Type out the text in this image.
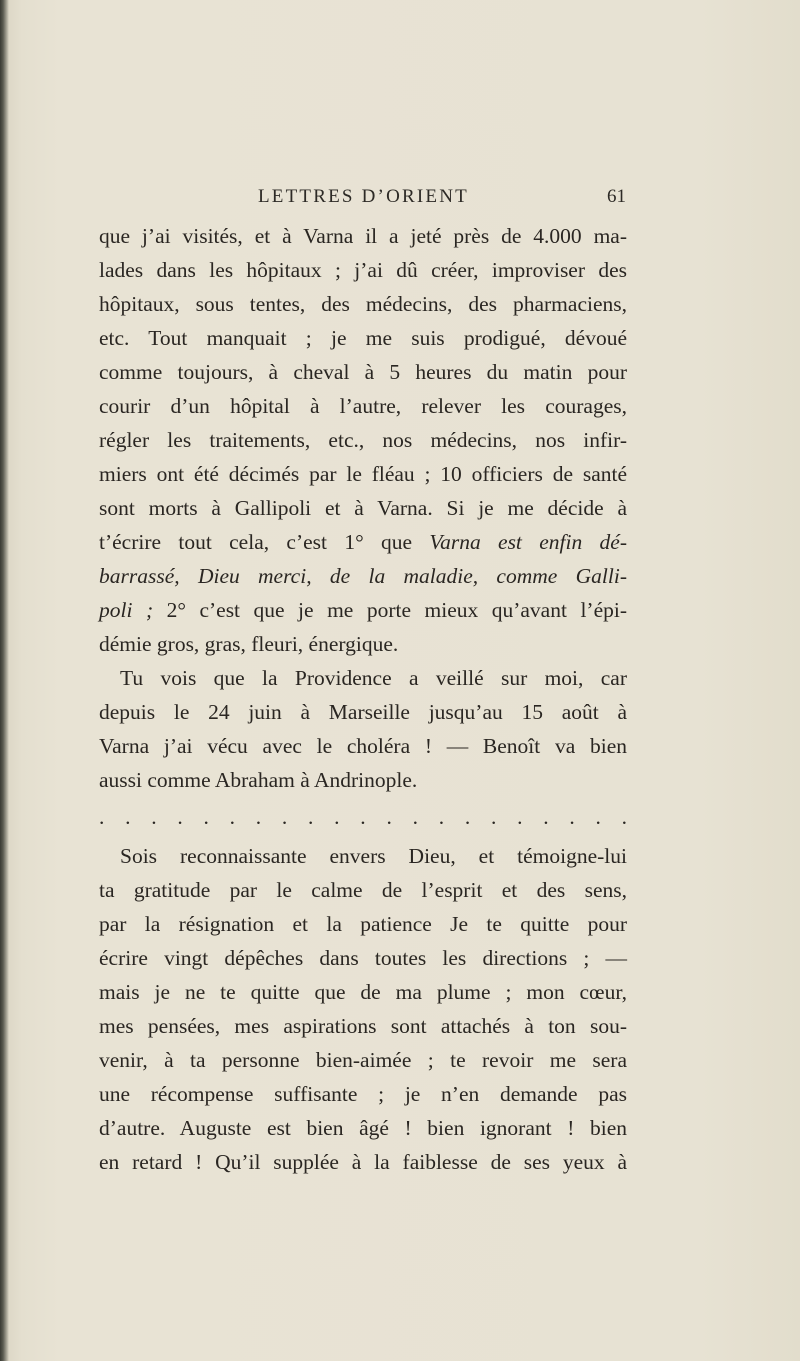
LETTRES D’ORIENT	61
que j’ai visités, et à Varna il a jeté près de 4.000 ma-
lades dans les hôpitaux ; j’ai dû créer, improviser des
hôpitaux, sous tentes, des médecins, des pharmaciens,
etc. Tout manquait ; je me suis prodigué, dévoué
comme toujours, à cheval à 5 heures du matin pour
courir d’un hôpital à l’autre, relever les courages,
régler les traitements, etc., nos médecins, nos infir-
miers ont été décimés par le fléau ; 10 officiers de santé
sont morts à Gallipoli et à Varna. Si je me décide à
t’écrire tout cela, c’est 1° que Varna est enfin dé-
barrassé, Dieu merci, de la maladie, comme Galli-
poli ; 2° c’est que je me porte mieux qu’avant l’épi-
démie gros, gras, fleuri, énergique.
Tu vois que la Providence a veillé sur moi, car
depuis le 24 juin à Marseille jusqu’au 15 août à
Varna j’ai vécu avec le choléra ! — Benoît va bien
aussi comme Abraham à Andrinople.
. . . . . . . . . . . . . . . . . . . . .
Sois reconnaissante envers Dieu, et témoigne-lui
ta gratitude par le calme de l’esprit et des sens,
par la résignation et la patience Je te quitte pour
écrire vingt dépêches dans toutes les directions ; —
mais je ne te quitte que de ma plume ; mon cœur,
mes pensées, mes aspirations sont attachés à ton sou-
venir, à ta personne bien-aimée ; te revoir me sera
une récompense suffisante ; je n’en demande pas
d’autre. Auguste est bien âgé ! bien ignorant ! bien
en retard ! Qu’il supplée à la faiblesse de ses yeux à
